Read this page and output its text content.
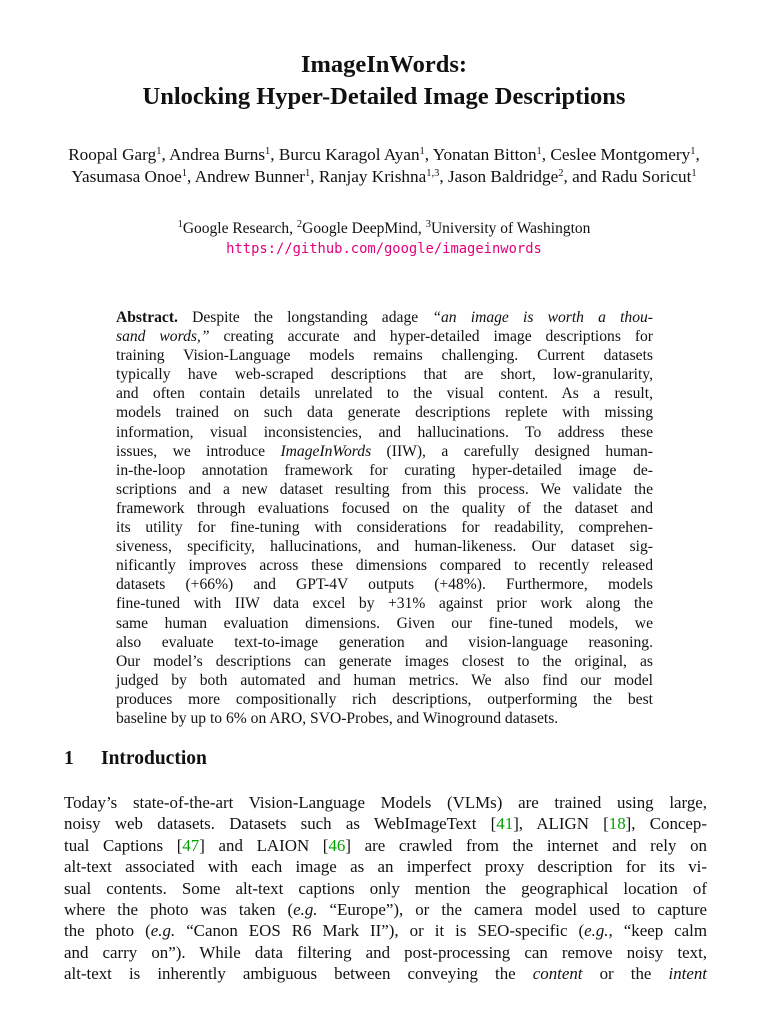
ImageInWords:
Unlocking Hyper-Detailed Image Descriptions
Roopal Garg$^1$, Andrea Burns$^1$, Burcu Karagol Ayan$^1$, Yonatan Bitton$^1$, Ceslee Montgomery$^1$, Yasumasa Onoe$^1$, Andrew Bunner$^1$, Ranjay Krishna$^{1,3}$, Jason Baldridge$^2$, and Radu Soricut$^1$
$^1$Google Research, $^2$Google DeepMind, $^3$University of Washington
https://github.com/google/imageinwords
Abstract. Despite the longstanding adage “an image is worth a thou-
sand words,” creating accurate and hyper-detailed image descriptions for
training Vision-Language models remains challenging. Current datasets
typically have web-scraped descriptions that are short, low-granularity,
and often contain details unrelated to the visual content. As a result,
models trained on such data generate descriptions replete with missing
information, visual inconsistencies, and hallucinations. To address these
issues, we introduce ImageInWords (IIW), a carefully designed human-
in-the-loop annotation framework for curating hyper-detailed image de-
scriptions and a new dataset resulting from this process. We validate the
framework through evaluations focused on the quality of the dataset and
its utility for fine-tuning with considerations for readability, comprehen-
siveness, specificity, hallucinations, and human-likeness. Our dataset sig-
nificantly improves across these dimensions compared to recently released
datasets (+66%) and GPT-4V outputs (+48%). Furthermore, models
fine-tuned with IIW data excel by +31% against prior work along the
same human evaluation dimensions. Given our fine-tuned models, we
also evaluate text-to-image generation and vision-language reasoning.
Our model’s descriptions can generate images closest to the original, as
judged by both automated and human metrics. We also find our model
produces more compositionally rich descriptions, outperforming the best
baseline by up to 6% on ARO, SVO-Probes, and Winoground datasets.
1 Introduction
Today’s state-of-the-art Vision-Language Models (VLMs) are trained using large,
noisy web datasets. Datasets such as WebImageText [41], ALIGN [18], Concep-
tual Captions [47] and LAION [46] are crawled from the internet and rely on
alt-text associated with each image as an imperfect proxy description for its vi-
sual contents. Some alt-text captions only mention the geographical location of
where the photo was taken (e.g. “Europe”), or the camera model used to capture
the photo (e.g. “Canon EOS R6 Mark II”), or it is SEO-specific (e.g., “keep calm
and carry on”). While data filtering and post-processing can remove noisy text,
alt-text is inherently ambiguous between conveying the content or the intent
